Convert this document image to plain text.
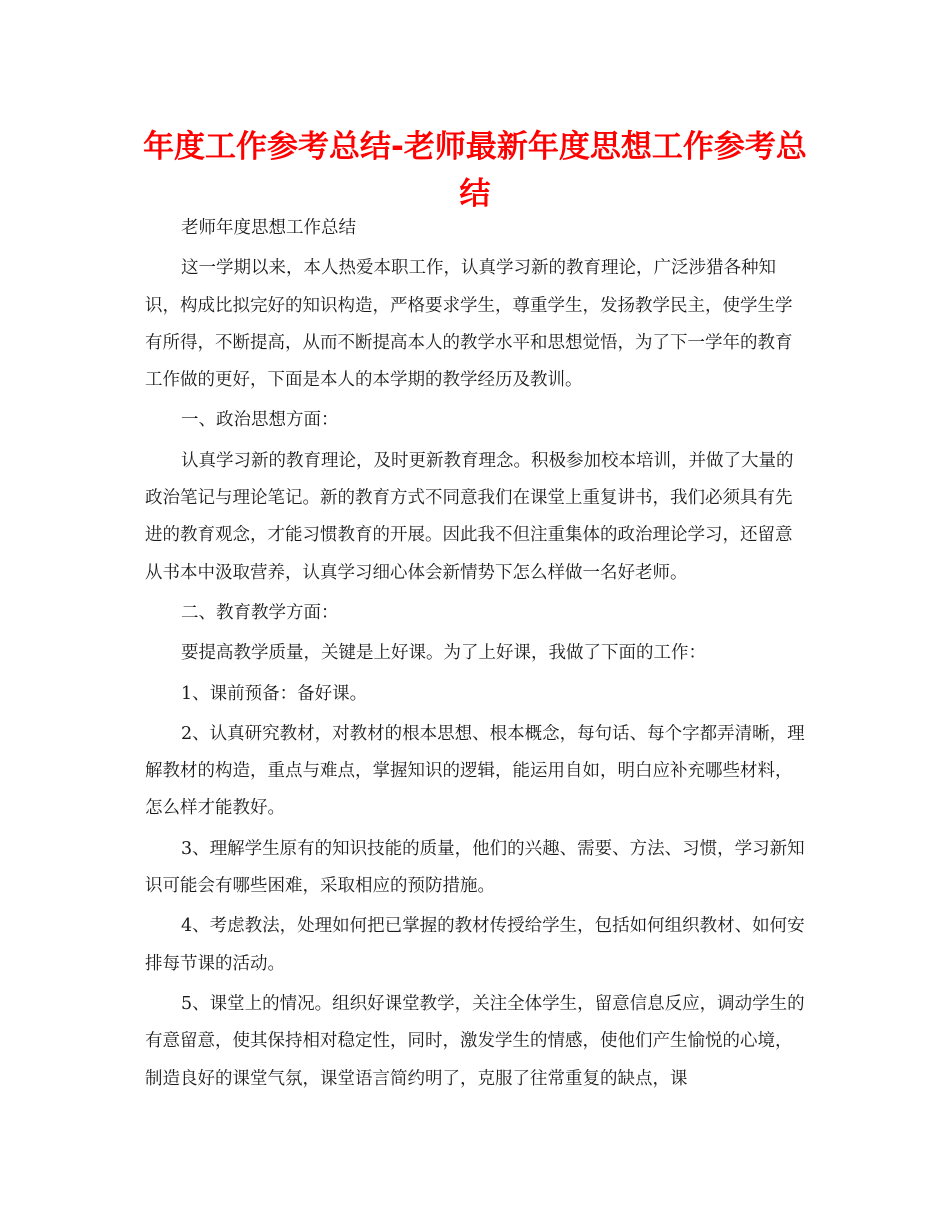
年度工作参考总结-老师最新年度思想工作参考总结

老师年度思想工作总结

这一学期以来，本人热爱本职工作，认真学习新的教育理论，广泛涉猎各种知识，构成比拟完好的知识构造，严格要求学生，尊重学生，发扬教学民主，使学生学有所得，不断提高，从而不断提高本人的教学水平和思想觉悟，为了下一学年的教育工作做的更好，下面是本人的本学期的教学经历及教训。

一、政治思想方面：

认真学习新的教育理论，及时更新教育理念。积极参加校本培训，并做了大量的政治笔记与理论笔记。新的教育方式不同意我们在课堂上重复讲书，我们必须具有先进的教育观念，才能习惯教育的开展。因此我不但注重集体的政治理论学习，还留意从书本中汲取营养，认真学习细心体会新情势下怎么样做一名好老师。

二、教育教学方面：

要提高教学质量，关键是上好课。为了上好课，我做了下面的工作：

1、课前预备：备好课。

2、认真研究教材，对教材的根本思想、根本概念，每句话、每个字都弄清晰，理解教材的构造，重点与难点，掌握知识的逻辑，能运用自如，明白应补充哪些材料，怎么样才能教好。

3、理解学生原有的知识技能的质量，他们的兴趣、需要、方法、习惯，学习新知识可能会有哪些困难，采取相应的预防措施。

4、考虑教法，处理如何把已掌握的教材传授给学生，包括如何组织教材、如何安排每节课的活动。

5、课堂上的情况。组织好课堂教学，关注全体学生，留意信息反应，调动学生的有意留意，使其保持相对稳定性，同时，激发学生的情感，使他们产生愉悦的心境，制造良好的课堂气氛，课堂语言简约明了，克服了往常重复的缺点，课
